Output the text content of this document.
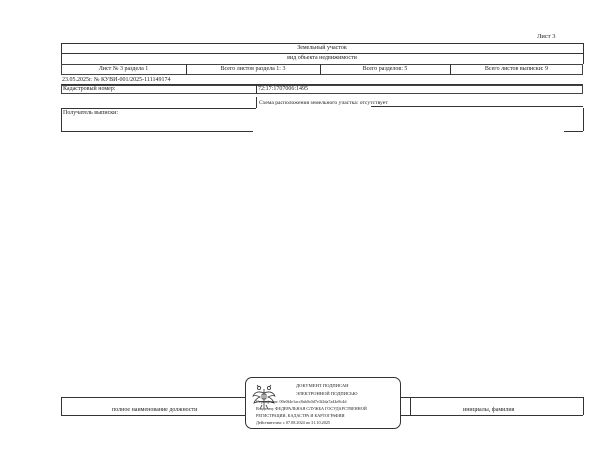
Лист 3
Земельный участок
вид объекта недвижимости
Лист № 3 раздела 1	Всего листов раздела 1: 3	Всего разделов: 5	Всего листов выписки: 9
23.05.2025г. № КУВИ-001/2025-111149174
Кадастровый номер:	72:17:1707006:1495
Схема расположения земельного участка: отсутствует
Получатель выписки:
полное наименование должности	инициалы, фамилия
ДОКУМЕНТ ПОДПИСАН
ЭЛЕКТРОННОЙ ПОДПИСЬЮ
Сертификат: 00e0f4e1acc8ab0c0d7e3f2da7a44e8c4d
Владелец: ФЕДЕРАЛЬНАЯ СЛУЖБА ГОСУДАРСТВЕННОЙ
РЕГИСТРАЦИИ, КАДАСТРА И КАРТОГРАФИИ
Действителен: с 07.08.2024 по 31.10.2025
